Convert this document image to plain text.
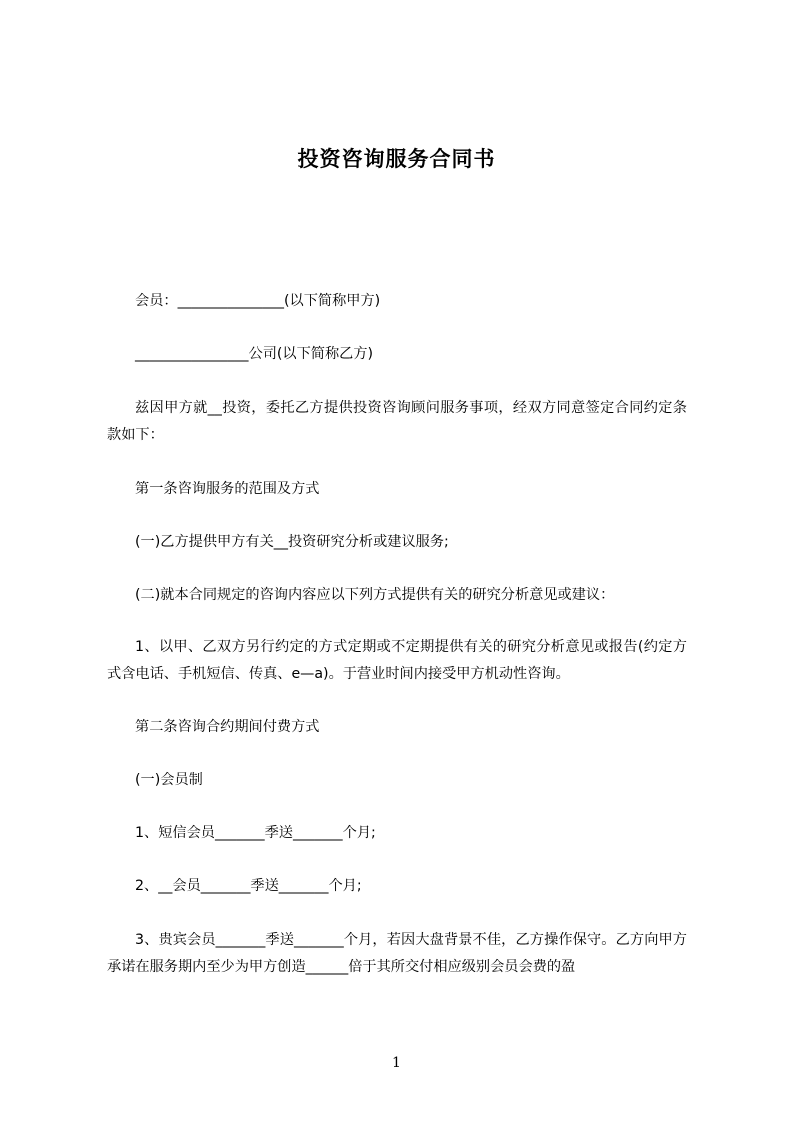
投资咨询服务合同书
会员：_______________(以下简称甲方)
________________公司(以下简称乙方)
兹因甲方就__投资，委托乙方提供投资咨询顾问服务事项，经双方同意签定合同约定条款如下：
第一条咨询服务的范围及方式
(一)乙方提供甲方有关__投资研究分析或建议服务;
(二)就本合同规定的咨询内容应以下列方式提供有关的研究分析意见或建议：
1、以甲、乙双方另行约定的方式定期或不定期提供有关的研究分析意见或报告(约定方式含电话、手机短信、传真、e—a)。于营业时间内接受甲方机动性咨询。
第二条咨询合约期间付费方式
(一)会员制
1、短信会员_______季送_______个月;
2、__会员_______季送_______个月;
3、贵宾会员_______季送_______个月，若因大盘背景不佳，乙方操作保守。乙方向甲方承诺在服务期内至少为甲方创造______倍于其所交付相应级别会员会费的盈
1
